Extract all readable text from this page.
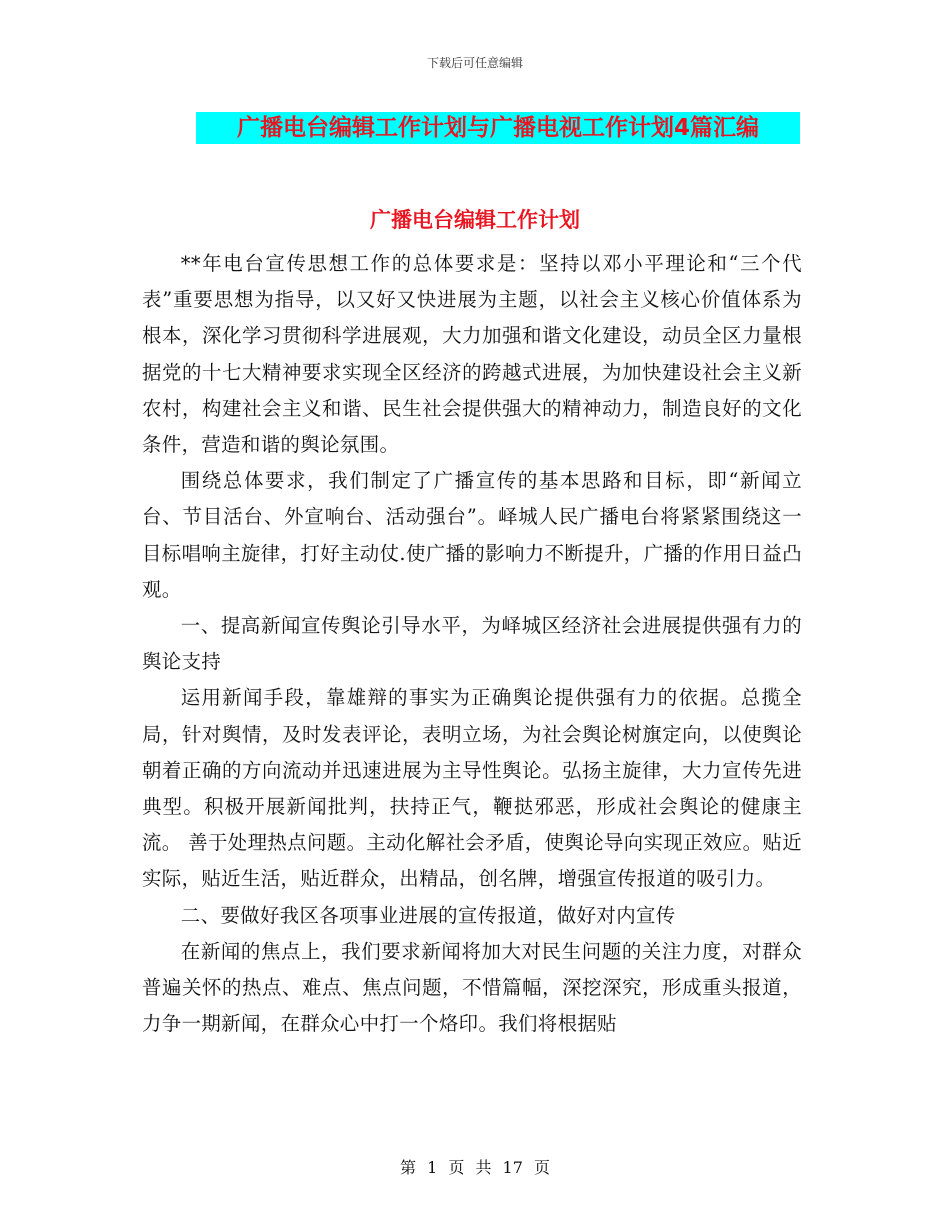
下载后可任意编辑
广播电台编辑工作计划与广播电视工作计划4篇汇编
广播电台编辑工作计划

**年电台宣传思想工作的总体要求是：坚持以邓小平理论和“三个代表”重要思想为指导，以又好又快进展为主题，以社会主义核心价值体系为根本，深化学习贯彻科学进展观，大力加强和谐文化建设，动员全区力量根据党的十七大精神要求实现全区经济的跨越式进展，为加快建设社会主义新农村，构建社会主义和谐、民生社会提供强大的精神动力，制造良好的文化条件，营造和谐的舆论氛围。

围绕总体要求，我们制定了广播宣传的基本思路和目标，即“新闻立台、节目活台、外宣响台、活动强台”。峄城人民广播电台将紧紧围绕这一目标唱响主旋律，打好主动仗.使广播的影响力不断提升，广播的作用日益凸观。

一、提高新闻宣传舆论引导水平，为峄城区经济社会进展提供强有力的舆论支持

运用新闻手段，靠雄辩的事实为正确舆论提供强有力的依据。总揽全局，针对舆情，及时发表评论，表明立场，为社会舆论树旗定向，以使舆论朝着正确的方向流动并迅速进展为主导性舆论。弘扬主旋律，大力宣传先进典型。积极开展新闻批判，扶持正气，鞭挞邪恶，形成社会舆论的健康主流。 善于处理热点问题。主动化解社会矛盾，使舆论导向实现正效应。贴近实际，贴近生活，贴近群众，出精品，创名牌，增强宣传报道的吸引力。

二、要做好我区各项事业进展的宣传报道，做好对内宣传

在新闻的焦点上，我们要求新闻将加大对民生问题的关注力度，对群众普遍关怀的热点、难点、焦点问题，不惜篇幅，深挖深究，形成重头报道，力争一期新闻，在群众心中打一个烙印。我们将根据贴

第 1 页 共 17 页
